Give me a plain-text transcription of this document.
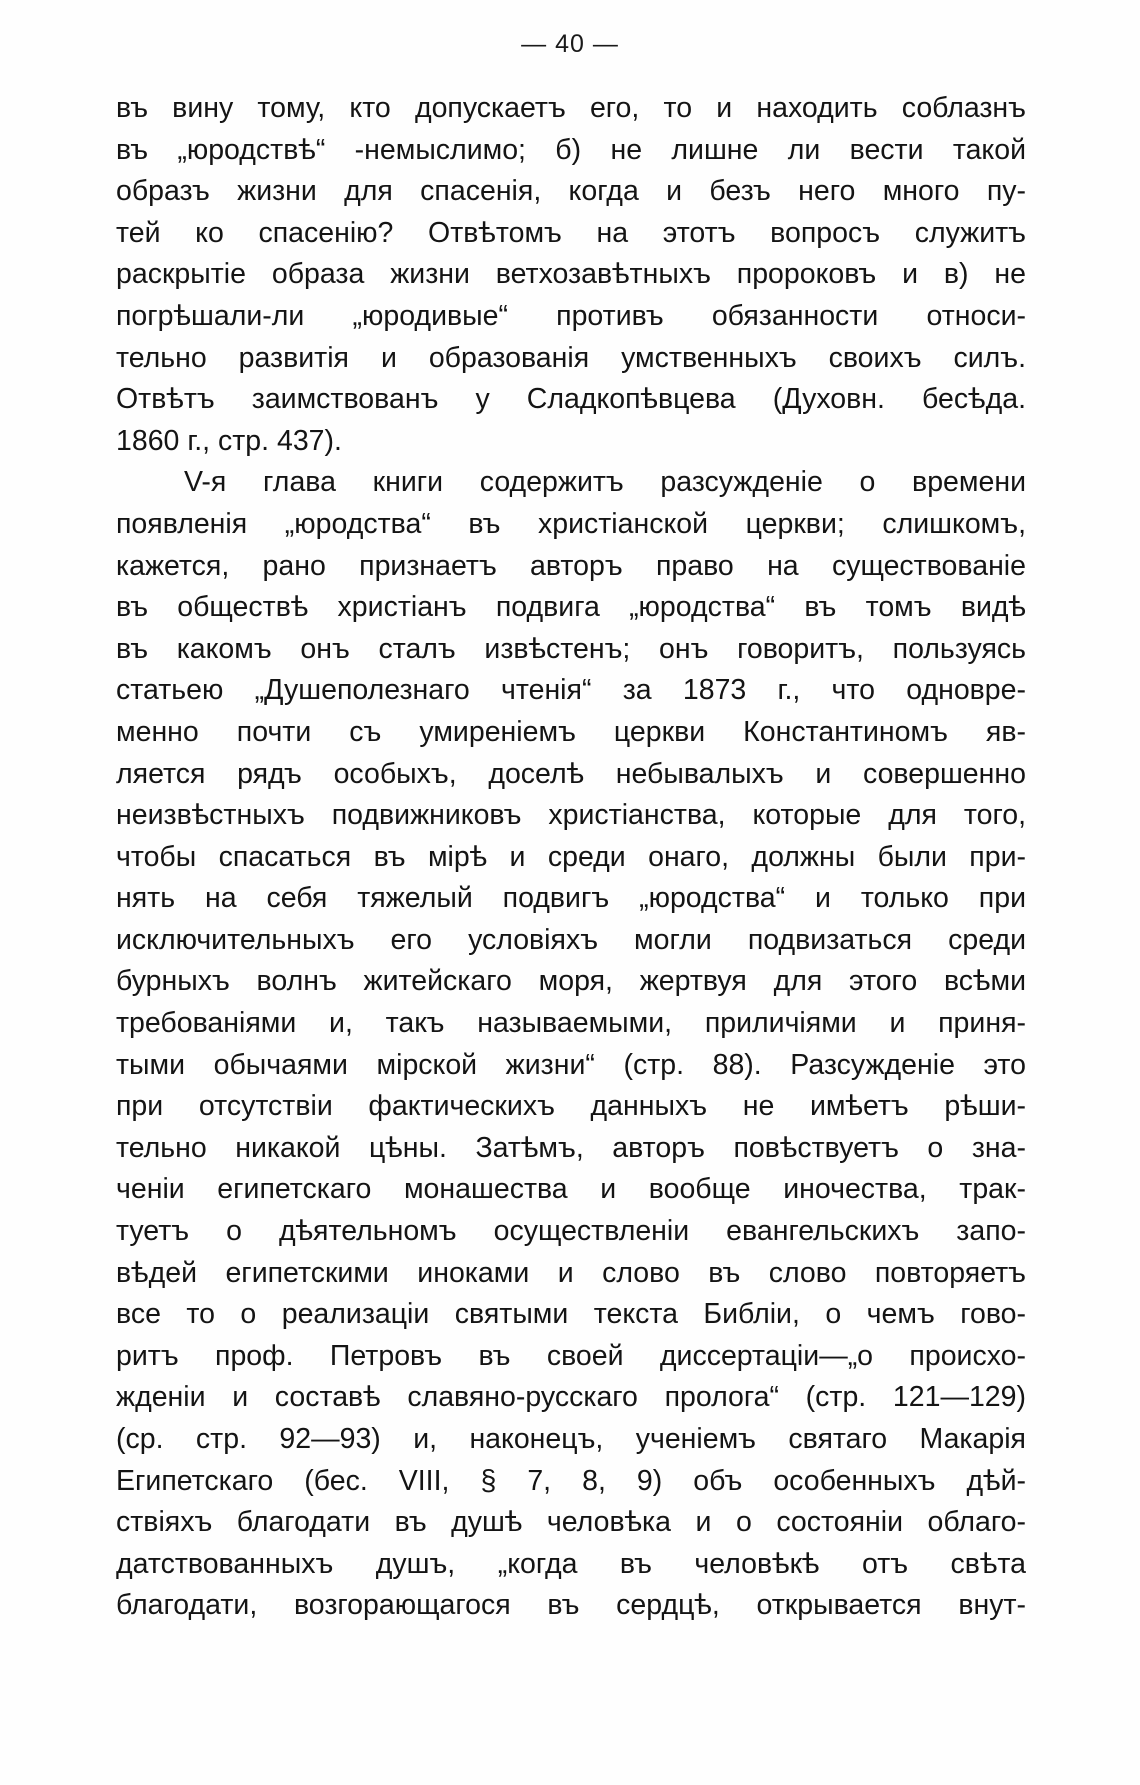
— 40 —
въ вину тому, кто допускаетъ его, то и находить соблазнъ
въ „юродствѣ“ -немыслимо; б) не лишне ли вести такой
образъ жизни для спасенія, когда и безъ него много пу-
тей ко спасенію? Отвѣтомъ на этотъ вопросъ служитъ
раскрытіе образа жизни ветхозавѣтныхъ пророковъ и в) не
погрѣшали-ли „юродивые“ противъ обязанности относи-
тельно развитія и образованія умственныхъ своихъ силъ.
Отвѣтъ заимствованъ у Сладкопѣвцева (Духовн. бесѣда.
1860 г., стр. 437).
V-я глава книги содержитъ разсужденіе о времени
появленія „юродства“ въ христіанской церкви; слишкомъ,
кажется, рано признаетъ авторъ право на существованіе
въ обществѣ христіанъ подвига „юродства“ въ томъ видѣ
въ какомъ онъ сталъ извѣстенъ; онъ говоритъ, пользуясь
статьею „Душеполезнаго чтенія“ за 1873 г., что одновре-
менно почти съ умиреніемъ церкви Константиномъ яв-
ляется рядъ особыхъ, доселѣ небывалыхъ и совершенно
неизвѣстныхъ подвижниковъ христіанства, которые для того,
чтобы спасаться въ мірѣ и среди онаго, должны были при-
нять на себя тяжелый подвигъ „юродства“ и только при
исключительныхъ его условіяхъ могли подвизаться среди
бурныхъ волнъ житейскаго моря, жертвуя для этого всѣми
требованіями и, такъ называемыми, приличіями и приня-
тыми обычаями мірской жизни“ (стр. 88). Разсужденіе это
при отсутствіи фактическихъ данныхъ не имѣетъ рѣши-
тельно никакой цѣны. Затѣмъ, авторъ повѣствуетъ о зна-
ченіи египетскаго монашества и вообще иночества, трак-
туетъ о дѣятельномъ осуществленіи евангельскихъ запо-
вѣдей египетскими иноками и слово въ слово повторяетъ
все то о реализаціи святыми текста Библіи, о чемъ гово-
ритъ проф. Петровъ въ своей диссертаціи—„о происхо-
жденіи и составѣ славяно-русскаго пролога“ (стр. 121—129)
(ср. стр. 92—93) и, наконецъ, ученіемъ святаго Макарія
Египетскаго (бес. VIII, § 7, 8, 9) объ особенныхъ дѣй-
ствіяхъ благодати въ душѣ человѣка и о состояніи облаго-
датствованныхъ душъ, „когда въ человѣкѣ отъ свѣта
благодати, возгорающагося въ сердцѣ, открывается внут-
